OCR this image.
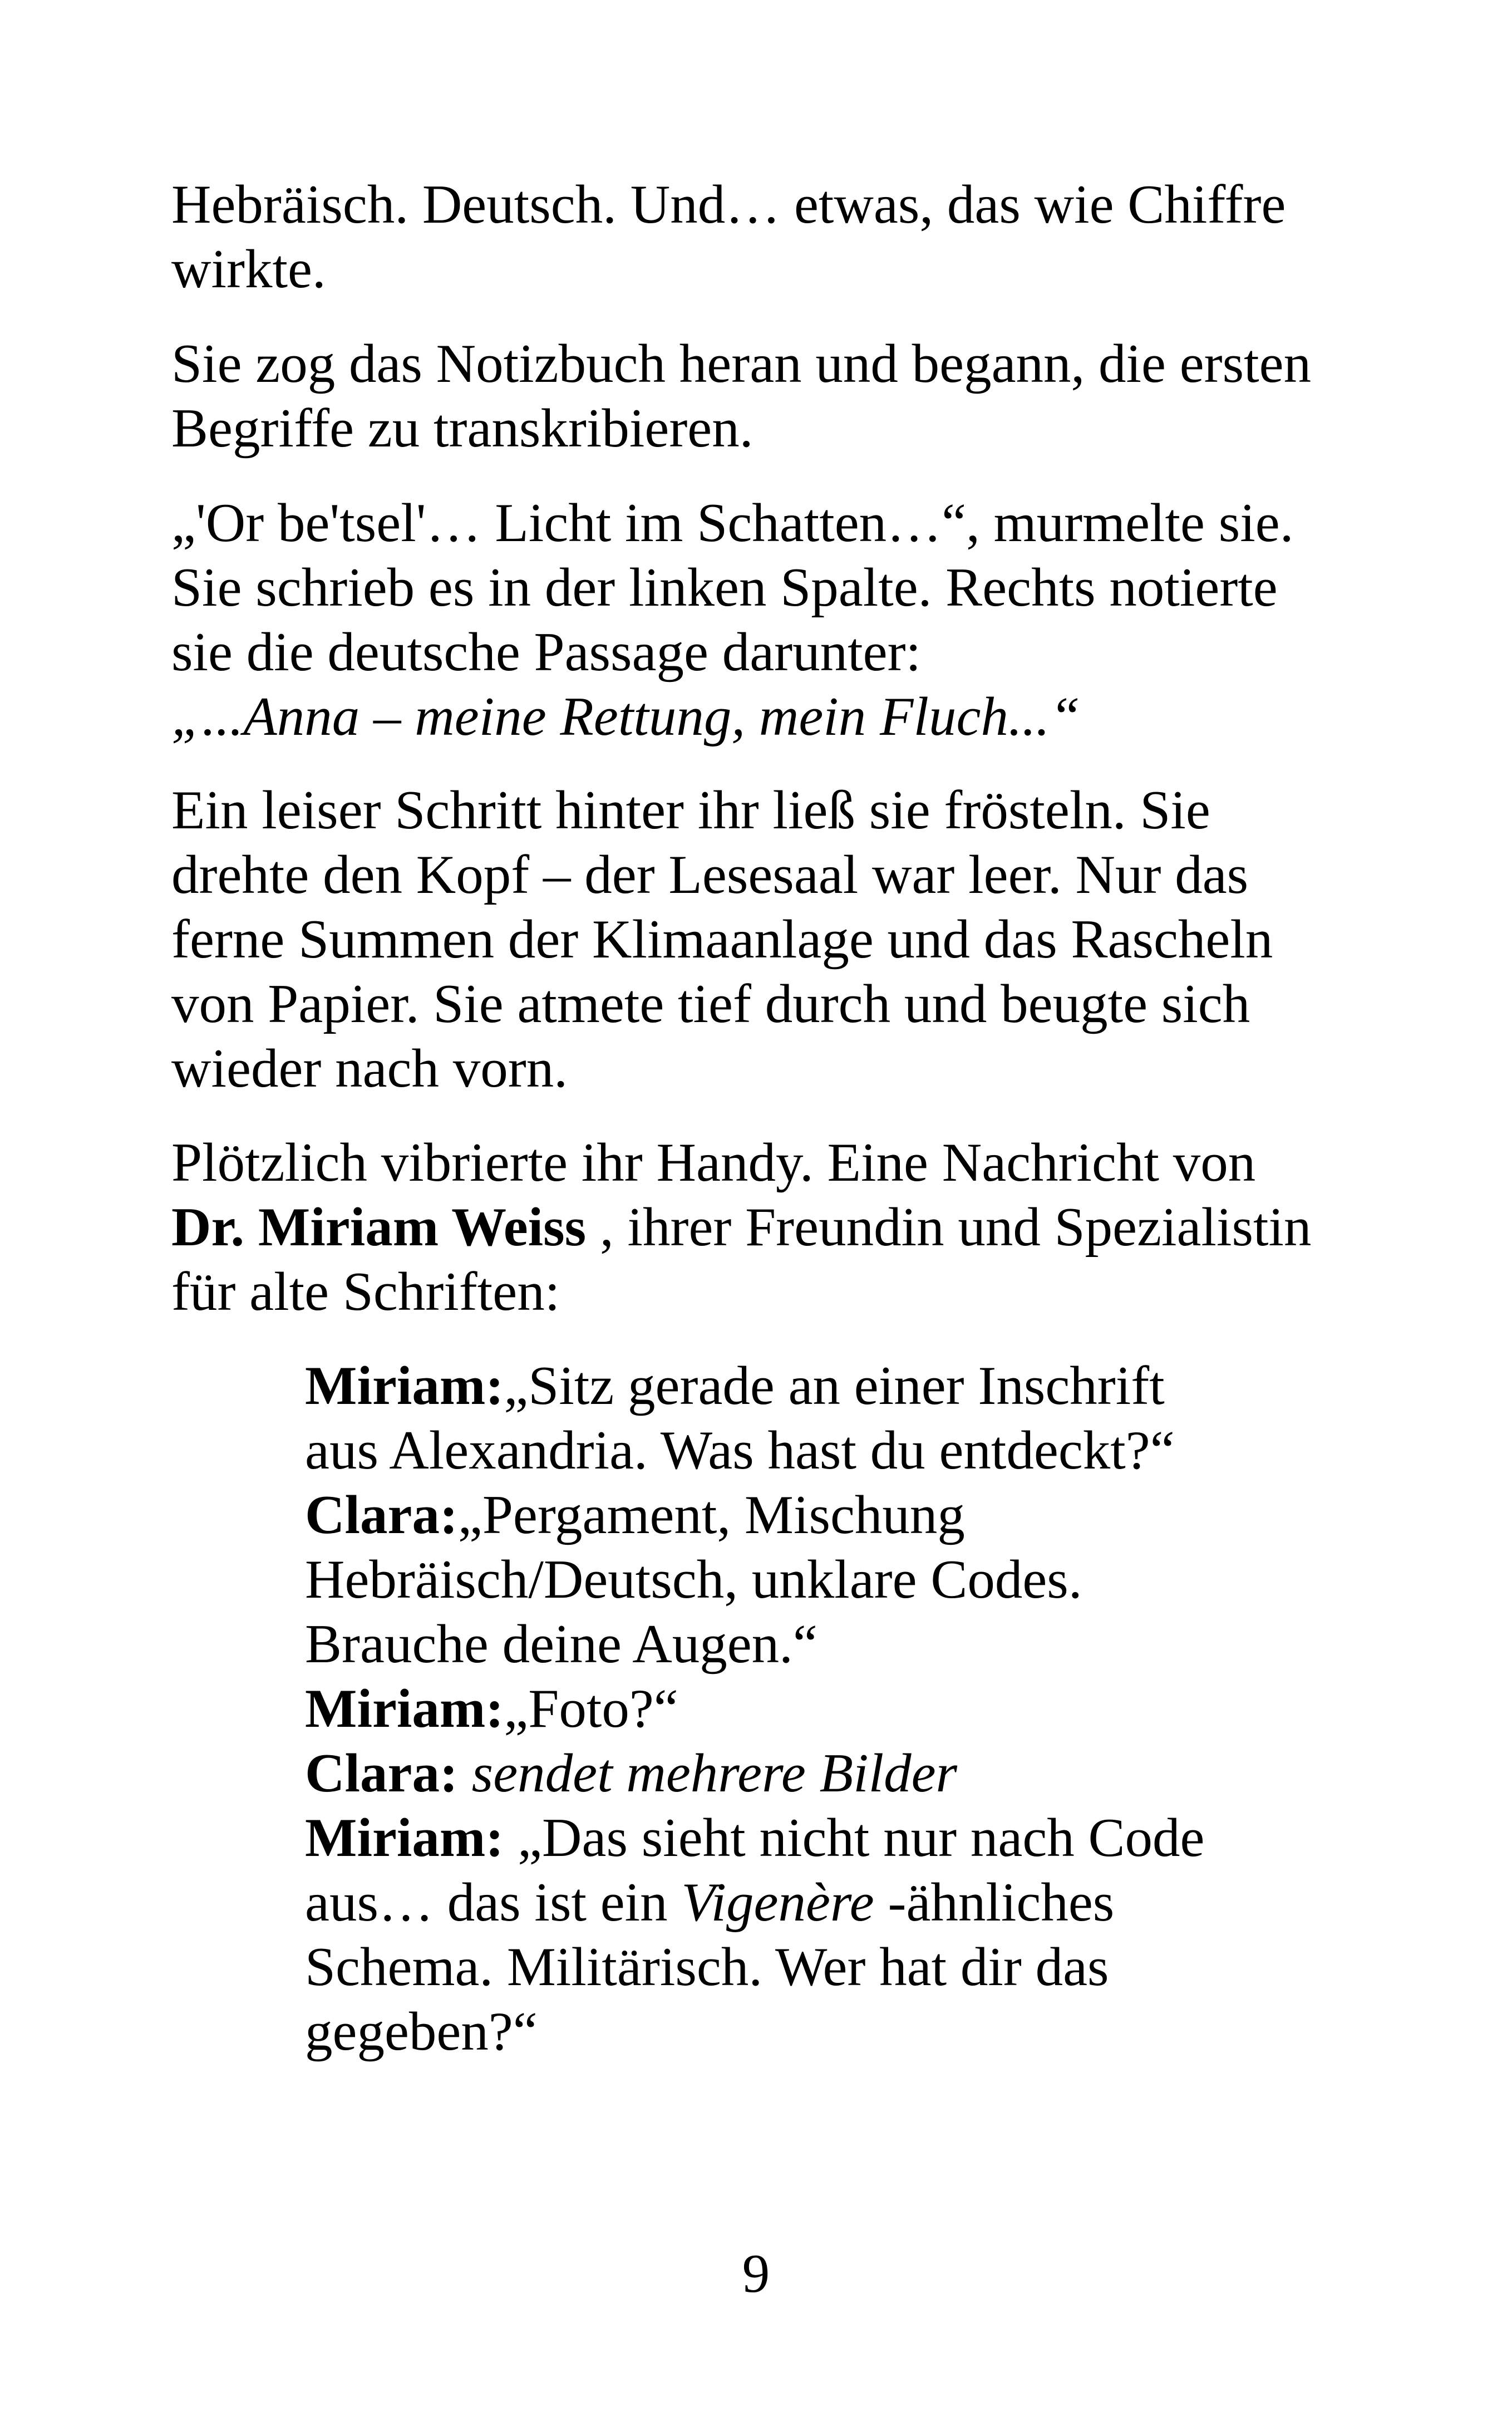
Hebräisch. Deutsch. Und… etwas, das wie Chiffre
wirkte.

Sie zog das Notizbuch heran und begann, die ersten
Begriffe zu transkribieren.

„'Or be'tsel'… Licht im Schatten…“, murmelte sie.
Sie schrieb es in der linken Spalte. Rechts notierte
sie die deutsche Passage darunter:
„...Anna – meine Rettung, mein Fluch...“

Ein leiser Schritt hinter ihr ließ sie frösteln. Sie
drehte den Kopf – der Lesesaal war leer. Nur das
ferne Summen der Klimaanlage und das Rascheln
von Papier. Sie atmete tief durch und beugte sich
wieder nach vorn.

Plötzlich vibrierte ihr Handy. Eine Nachricht von
Dr. Miriam Weiss , ihrer Freundin und Spezialistin
für alte Schriften:

Miriam:„Sitz gerade an einer Inschrift
aus Alexandria. Was hast du entdeckt?“
Clara:„Pergament, Mischung
Hebräisch/Deutsch, unklare Codes.
Brauche deine Augen.“
Miriam:„Foto?“
Clara: sendet mehrere Bilder
Miriam: „Das sieht nicht nur nach Code
aus… das ist ein Vigenère -ähnliches
Schema. Militärisch. Wer hat dir das
gegeben?“
9
